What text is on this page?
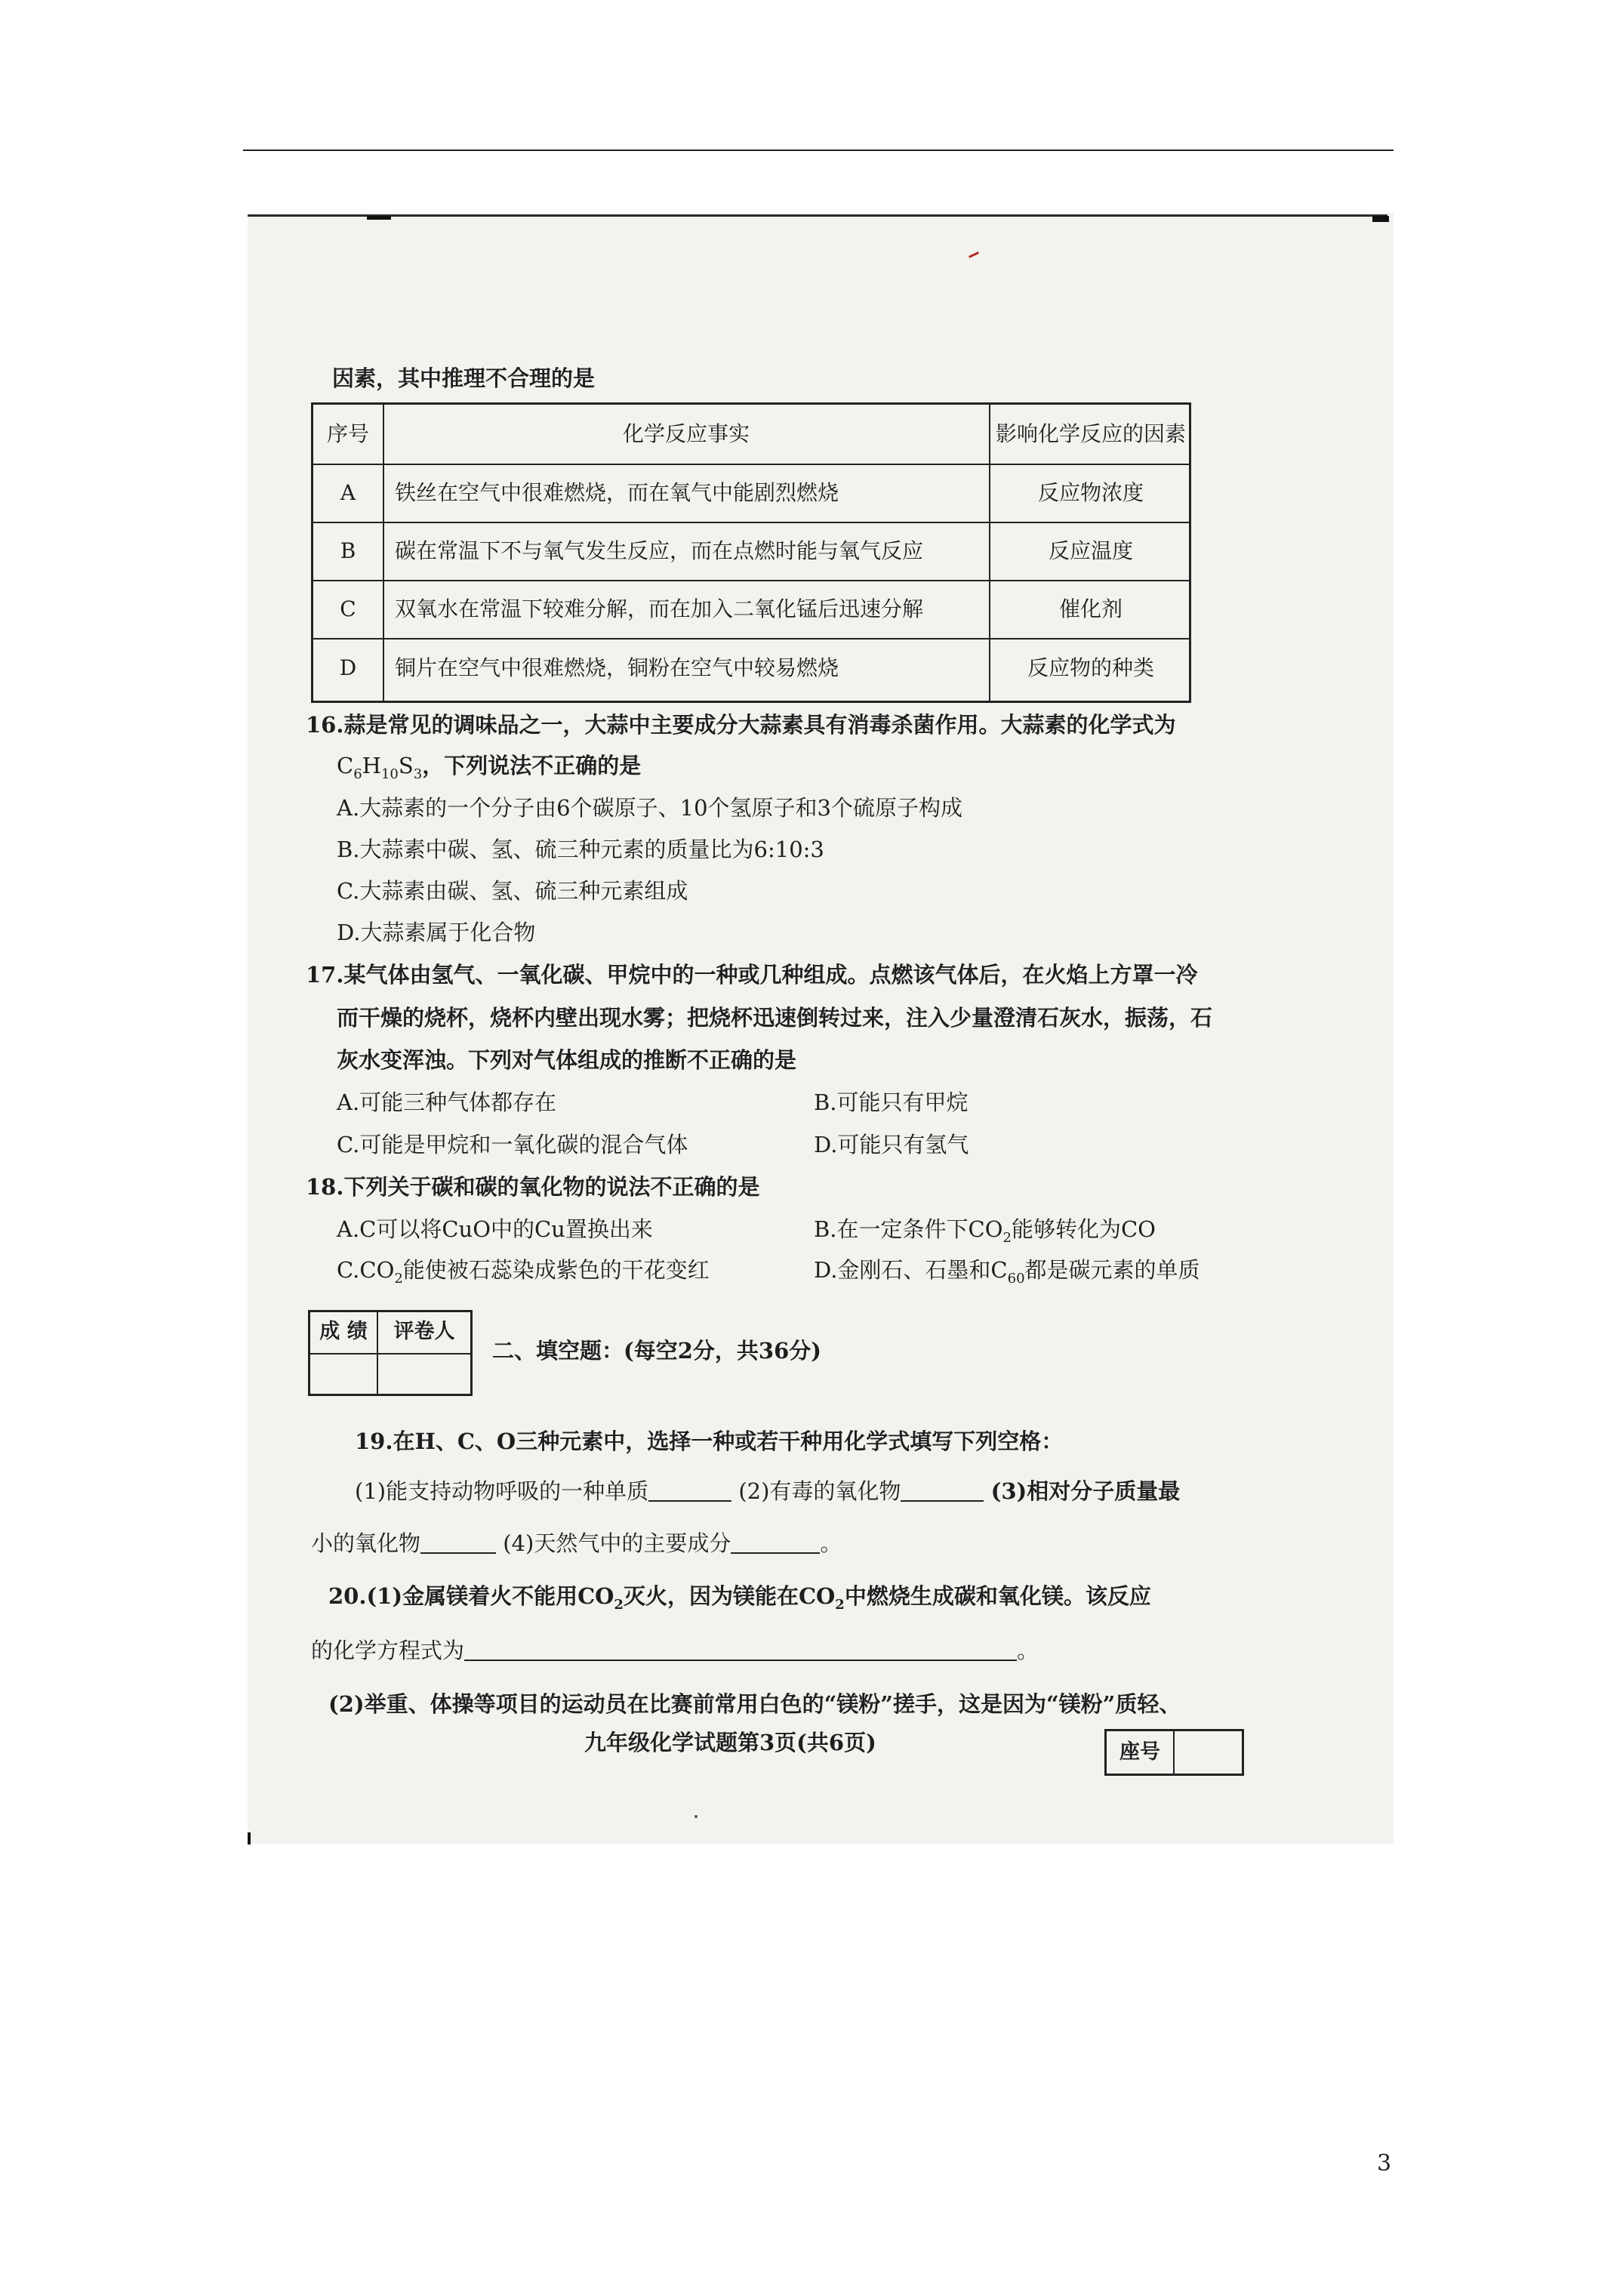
因素，其中推理不合理的是
序号	化学反应事实	影响化学反应的因素
A	铁丝在空气中很难燃烧，而在氧气中能剧烈燃烧	反应物浓度
B	碳在常温下不与氧气发生反应，而在点燃时能与氧气反应	反应温度
C	双氧水在常温下较难分解，而在加入二氧化锰后迅速分解	催化剂
D	铜片在空气中很难燃烧，铜粉在空气中较易燃烧	反应物的种类
16.蒜是常见的调味品之一，大蒜中主要成分大蒜素具有消毒杀菌作用。大蒜素的化学式为
$C_6H_{10}S_3$，下列说法不正确的是
A.大蒜素的一个分子由6个碳原子、10个氢原子和3个硫原子构成
B.大蒜素中碳、氢、硫三种元素的质量比为6:10:3
C.大蒜素由碳、氢、硫三种元素组成
D.大蒜素属于化合物
17.某气体由氢气、一氧化碳、甲烷中的一种或几种组成。点燃该气体后，在火焰上方罩一冷
而干燥的烧杯，烧杯内壁出现水雾；把烧杯迅速倒转过来，注入少量澄清石灰水，振荡，石
灰水变浑浊。下列对气体组成的推断不正确的是
A.可能三种气体都存在	B.可能只有甲烷
C.可能是甲烷和一氧化碳的混合气体	D.可能只有氢气
18.下列关于碳和碳的氧化物的说法不正确的是
A.C可以将CuO中的Cu置换出来	B.在一定条件下$CO_2$能够转化为CO
$C.CO_2$能使被石蕊染成紫色的干花变红	D.金刚石、石墨和$C_{60}$都是碳元素的单质
成 绩	评卷人
二、填空题：(每空2分，共36分)
19.在H、C、O三种元素中，选择一种或若干种用化学式填写下列空格：
(1)能支持动物呼吸的一种单质	(2)有毒的氧化物	(3)相对分子质量最
小的氧化物	(4)天然气中的主要成分	。
20.(1)金属镁着火不能用$CO_2$灭火，因为镁能在$CO_2$中燃烧生成碳和氧化镁。该反应
的化学方程式为	。
(2)举重、体操等项目的运动员在比赛前常用白色的“镁粉”搓手，这是因为“镁粉”质轻、
九年级化学试题第3页(共6页)	座号
3
